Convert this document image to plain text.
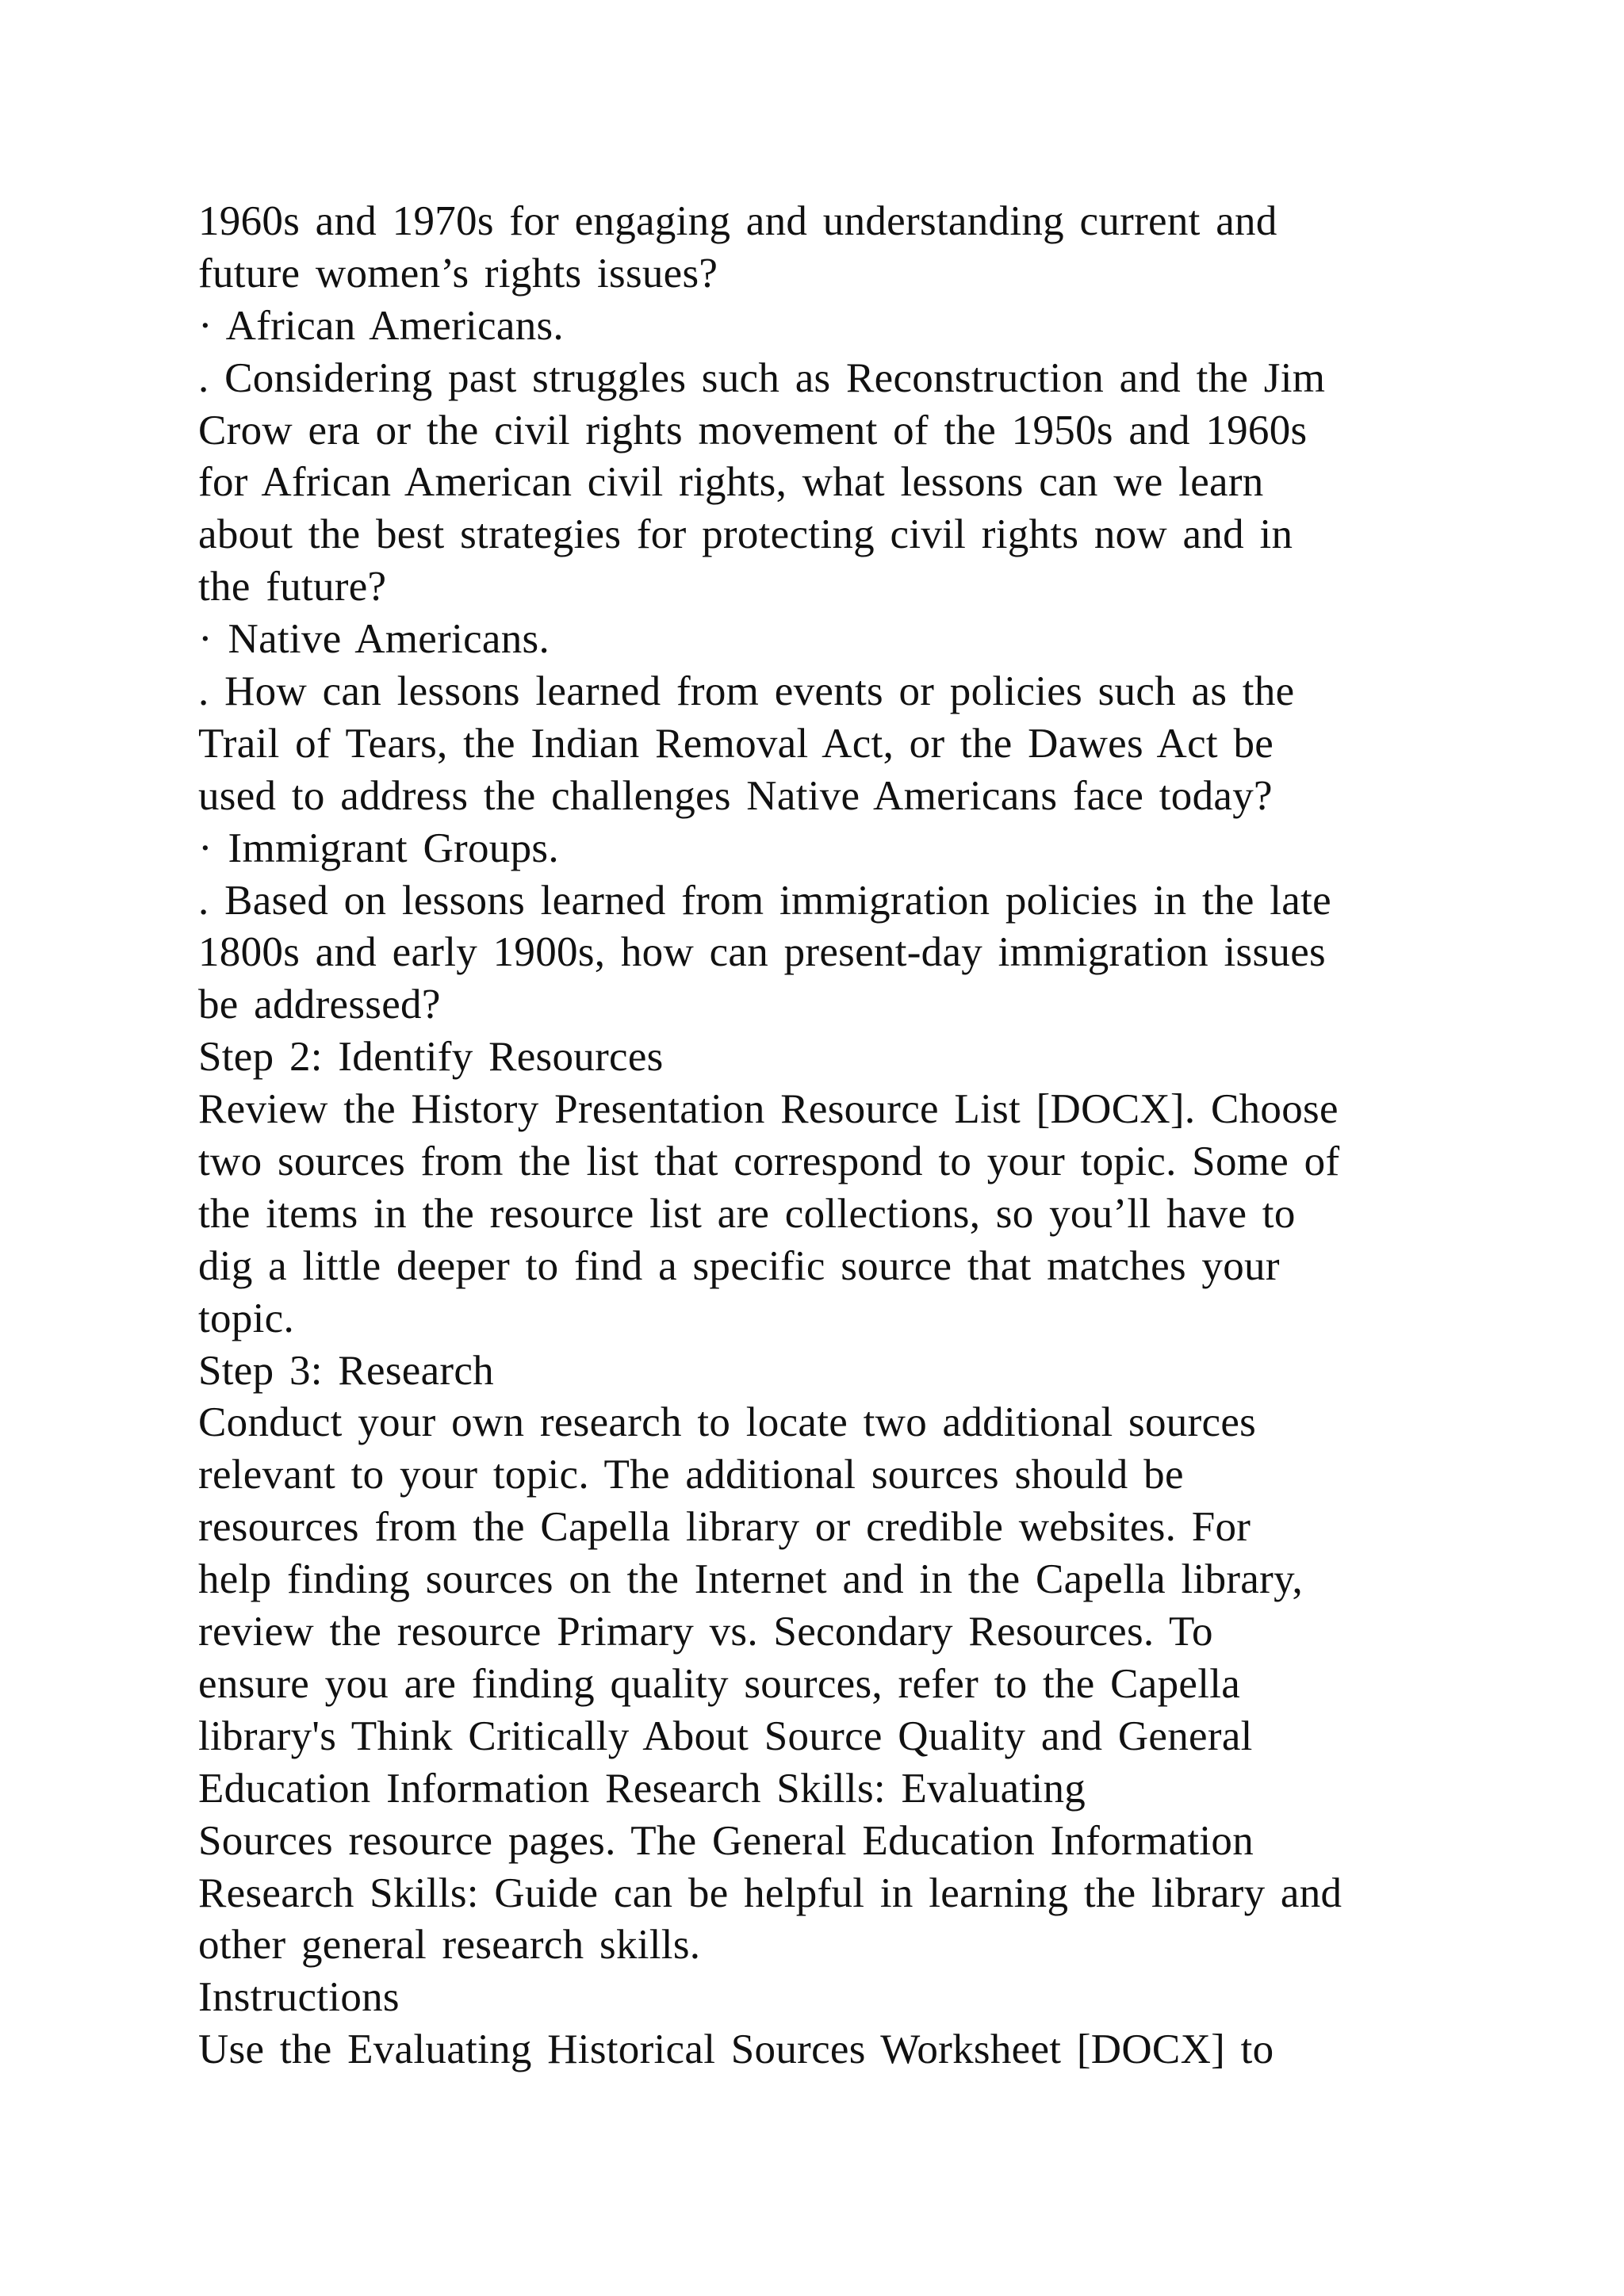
1960s and 1970s for engaging and understanding current and
future women’s rights issues?
· African Americans.
. Considering past struggles such as Reconstruction and the Jim
Crow era or the civil rights movement of the 1950s and 1960s
for African American civil rights, what lessons can we learn
about the best strategies for protecting civil rights now and in
the future?
· Native Americans.
. How can lessons learned from events or policies such as the
Trail of Tears, the Indian Removal Act, or the Dawes Act be
used to address the challenges Native Americans face today?
· Immigrant Groups.
. Based on lessons learned from immigration policies in the late
1800s and early 1900s, how can present-day immigration issues
be addressed?
Step 2: Identify Resources
Review the History Presentation Resource List [DOCX]. Choose
two sources from the list that correspond to your topic. Some of
the items in the resource list are collections, so you’ll have to
dig a little deeper to find a specific source that matches your
topic.
Step 3: Research
Conduct your own research to locate two additional sources
relevant to your topic. The additional sources should be
resources from the Capella library or credible websites. For
help finding sources on the Internet and in the Capella library,
review the resource Primary vs. Secondary Resources. To
ensure you are finding quality sources, refer to the Capella
library's Think Critically About Source Quality and General
Education Information Research Skills: Evaluating
Sources resource pages. The General Education Information
Research Skills: Guide can be helpful in learning the library and
other general research skills.
Instructions
Use the Evaluating Historical Sources Worksheet [DOCX] to
